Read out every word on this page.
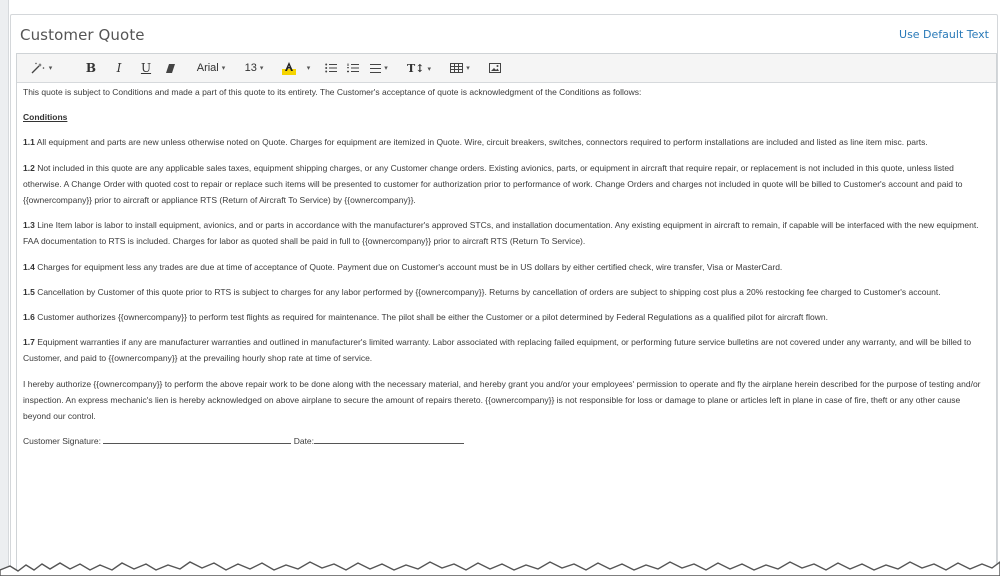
Customer Quote	Use Default Text
▾	B	I	U	Arial ▾ 13 ▾	▾	▾ T↕ ▾	▾

This quote is subject to Conditions and made a part of this quote to its entirety. The Customer's acceptance of quote is acknowledgment of the Conditions as follows:

Conditions

1.1 All equipment and parts are new unless otherwise noted on Quote. Charges for equipment are itemized in Quote. Wire, circuit breakers, switches, connectors required to perform installations are included and listed as line item misc. parts.

1.2 Not included in this quote are any applicable sales taxes, equipment shipping charges, or any Customer change orders. Existing avionics, parts, or equipment in aircraft that require repair, or replacement is not included in this quote, unless listed otherwise. A Change Order with quoted cost to repair or replace such items will be presented to customer for authorization prior to performance of work. Change Orders and charges not included in quote will be billed to Customer's account and paid to {{ownercompany}} prior to aircraft or appliance RTS (Return of Aircraft To Service) by {{ownercompany}}.

1.3 Line Item labor is labor to install equipment, avionics, and or parts in accordance with the manufacturer's approved STCs, and installation documentation. Any existing equipment in aircraft to remain, if capable will be interfaced with the new equipment. FAA documentation to RTS is included. Charges for labor as quoted shall be paid in full to {{ownercompany}} prior to aircraft RTS (Return To Service).

1.4 Charges for equipment less any trades are due at time of acceptance of Quote. Payment due on Customer's account must be in US dollars by either certified check, wire transfer, Visa or MasterCard.

1.5 Cancellation by Customer of this quote prior to RTS is subject to charges for any labor performed by {{ownercompany}}. Returns by cancellation of orders are subject to shipping cost plus a 20% restocking fee charged to Customer's account.

1.6 Customer authorizes {{ownercompany}} to perform test flights as required for maintenance. The pilot shall be either the Customer or a pilot determined by Federal Regulations as a qualified pilot for aircraft flown.

1.7 Equipment warranties if any are manufacturer warranties and outlined in manufacturer's limited warranty. Labor associated with replacing failed equipment, or performing future service bulletins are not covered under any warranty, and will be billed to Customer, and paid to {{ownercompany}} at the prevailing hourly shop rate at time of service.

I hereby authorize {{ownercompany}} to perform the above repair work to be done along with the necessary material, and hereby grant you and/or your employees' permission to operate and fly the airplane herein described for the purpose of testing and/or inspection. An express mechanic's lien is hereby acknowledged on above airplane to secure the amount of repairs thereto. {{ownercompany}} is not responsible for loss or damage to plane or articles left in plane in case of fire, theft or any other cause beyond our control.

Customer Signature:	Date:
